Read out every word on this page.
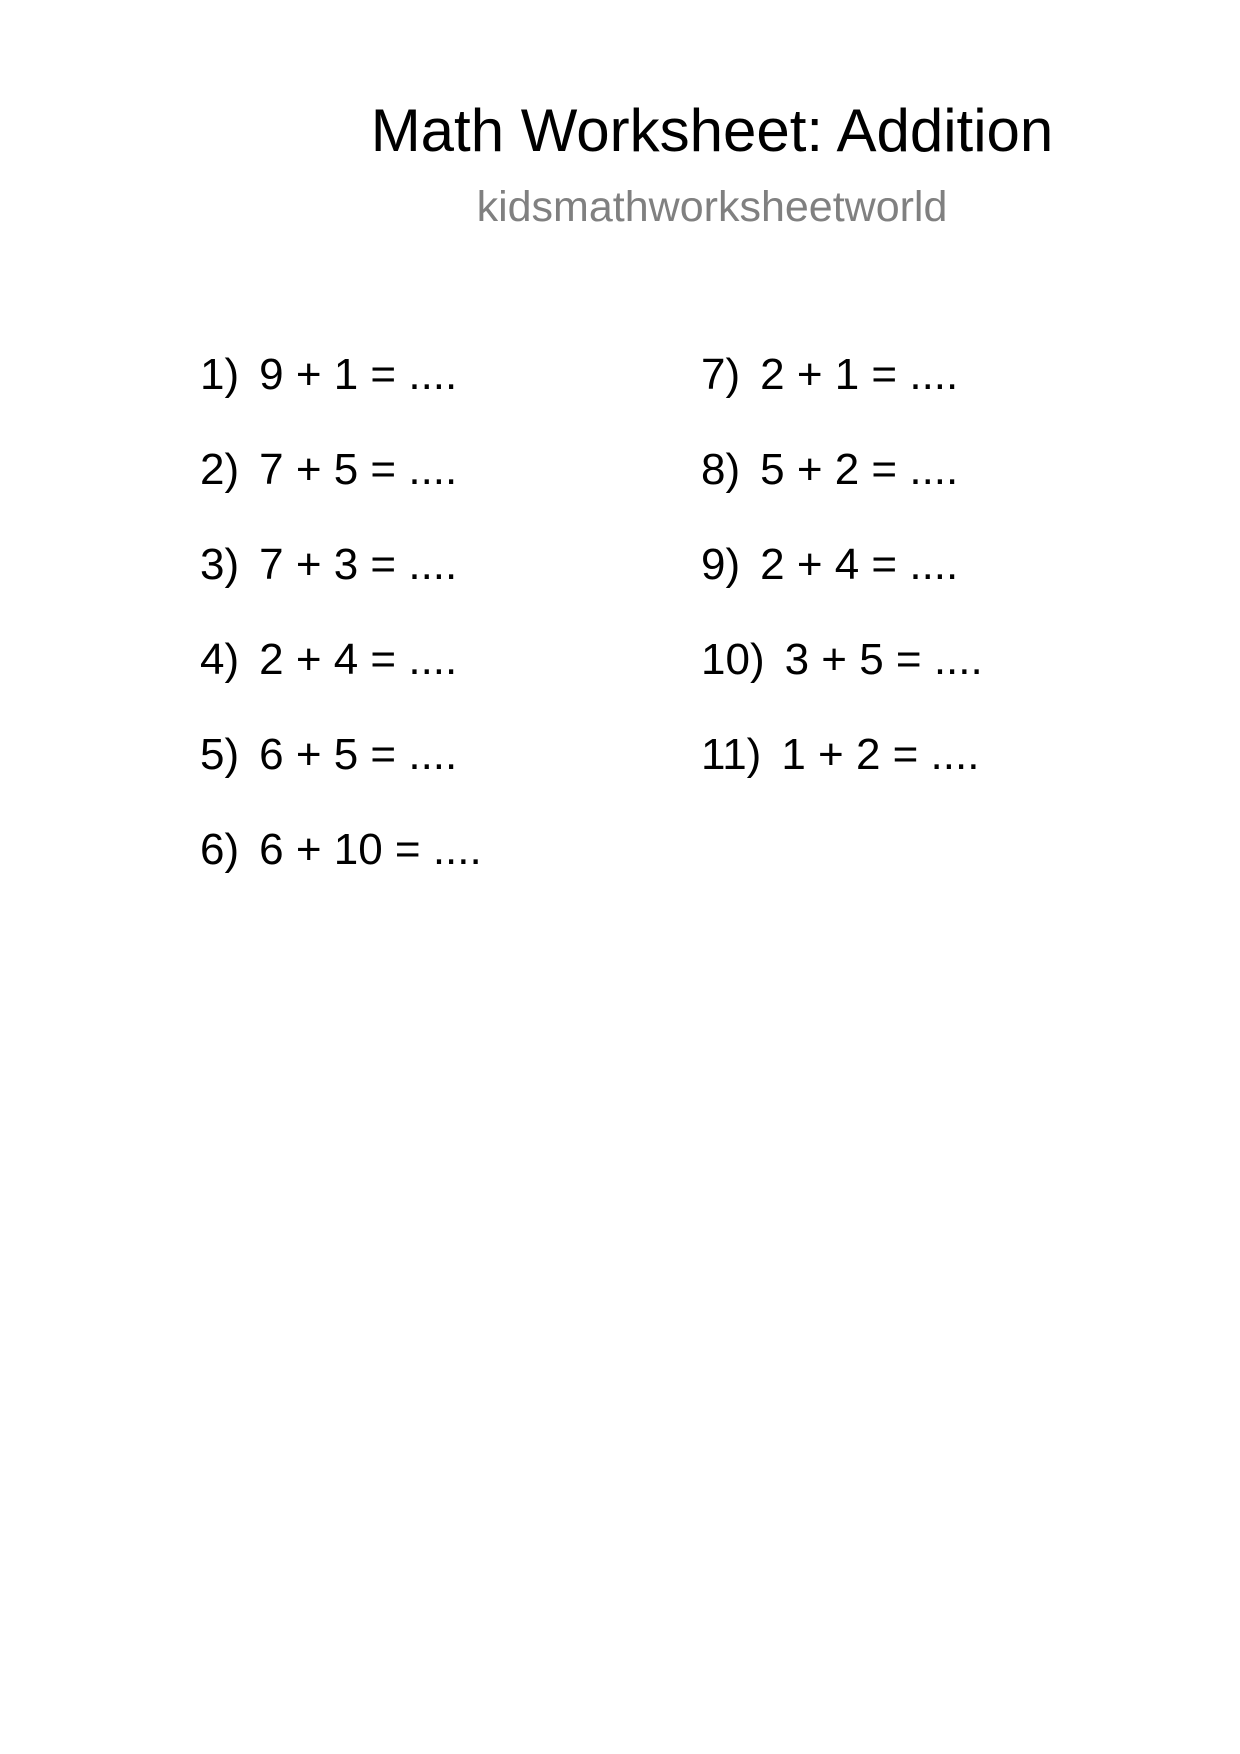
Math Worksheet: Addition
kidsmathworksheetworld
1) 9 + 1 = ....
2) 7 + 5 = ....
3) 7 + 3 = ....
4) 2 + 4 = ....
5) 6 + 5 = ....
6) 6 + 10 = ....
7) 2 + 1 = ....
8) 5 + 2 = ....
9) 2 + 4 = ....
10) 3 + 5 = ....
11) 1 + 2 = ....
